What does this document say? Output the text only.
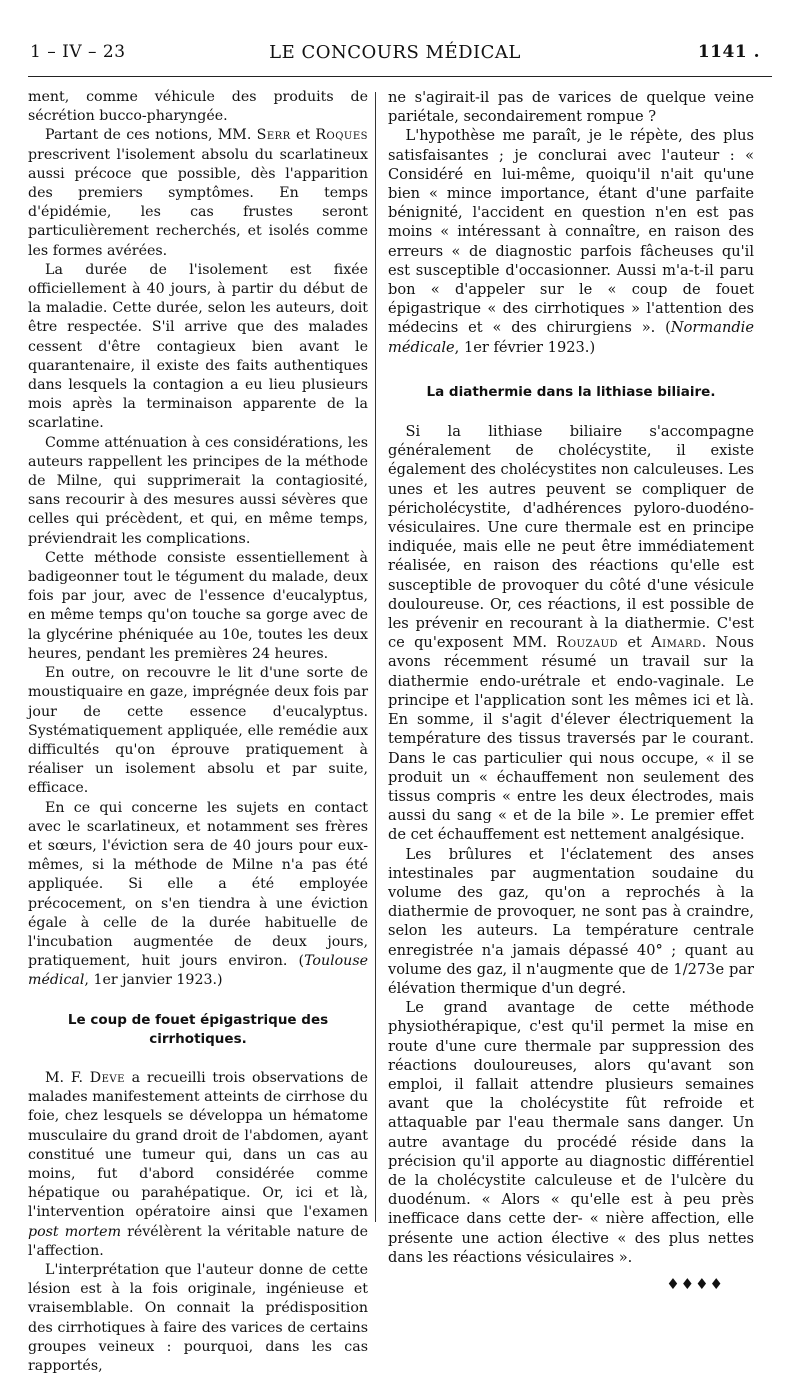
1 – IV – 23	LE CONCOURS MÉDICAL	1141 .

ment, comme véhicule des produits de sécrétion bucco-pharyngée.

Partant de ces notions, MM. Serr et Roques prescrivent l'isolement absolu du scarlatineux aussi précoce que possible, dès l'apparition des premiers symptômes. En temps d'épidémie, les cas frustes seront particulièrement recherchés, et isolés comme les formes avérées.

La durée de l'isolement est fixée officiellement à 40 jours, à partir du début de la maladie. Cette durée, selon les auteurs, doit être respectée. S'il arrive que des malades cessent d'être contagieux bien avant le quarantenaire, il existe des faits authentiques dans lesquels la contagion a eu lieu plusieurs mois après la terminaison apparente de la scarlatine.

Comme atténuation à ces considérations, les auteurs rappellent les principes de la méthode de Milne, qui supprimerait la contagiosité, sans recourir à des mesures aussi sévères que celles qui précèdent, et qui, en même temps, préviendrait les complications.

Cette méthode consiste essentiellement à badigeonner tout le tégument du malade, deux fois par jour, avec de l'essence d'eucalyptus, en même temps qu'on touche sa gorge avec de la glycérine phéniquée au 10e, toutes les deux heures, pendant les premières 24 heures.

En outre, on recouvre le lit d'une sorte de moustiquaire en gaze, imprégnée deux fois par jour de cette essence d'eucalyptus. Systématiquement appliquée, elle remédie aux difficultés qu'on éprouve pratiquement à réaliser un isolement absolu et par suite, efficace.

En ce qui concerne les sujets en contact avec le scarlatineux, et notamment ses frères et sœurs, l'éviction sera de 40 jours pour eux-mêmes, si la méthode de Milne n'a pas été appliquée. Si elle a été employée précocement, on s'en tiendra à une éviction égale à celle de la durée habituelle de l'incubation augmentée de deux jours, pratiquement, huit jours environ. (Toulouse médical, 1er janvier 1923.)

Le coup de fouet épigastrique des cirrhotiques.

M. F. Deve a recueilli trois observations de malades manifestement atteints de cirrhose du foie, chez lesquels se développa un hématome musculaire du grand droit de l'abdomen, ayant constitué une tumeur qui, dans un cas au moins, fut d'abord considérée comme hépatique ou parahépatique. Or, ici et là, l'intervention opératoire ainsi que l'examen post mortem révélèrent la véritable nature de l'affection.

L'interprétation que l'auteur donne de cette lésion est à la fois originale, ingénieuse et vraisemblable. On connait la prédisposition des cirrhotiques à faire des varices de certains groupes veineux : pourquoi, dans les cas rapportés,

ne s'agirait-il pas de varices de quelque veine pariétale, secondairement rompue ?

L'hypothèse me paraît, je le répète, des plus satisfaisantes ; je conclurai avec l'auteur : « Considéré en lui-même, quoiqu'il n'ait qu'une bien « mince importance, étant d'une parfaite bénignité, l'accident en question n'en est pas moins « intéressant à connaître, en raison des erreurs « de diagnostic parfois fâcheuses qu'il est susceptible d'occasionner. Aussi m'a-t-il paru bon « d'appeler sur le « coup de fouet épigastrique « des cirrhotiques » l'attention des médecins et « des chirurgiens ». (Normandie médicale, 1er février 1923.)

La diathermie dans la lithiase biliaire.

Si la lithiase biliaire s'accompagne généralement de cholécystite, il existe également des cholécystites non calculeuses. Les unes et les autres peuvent se compliquer de péricholécystite, d'adhérences pyloro-duodéno-vésiculaires. Une cure thermale est en principe indiquée, mais elle ne peut être immédiatement réalisée, en raison des réactions qu'elle est susceptible de provoquer du côté d'une vésicule douloureuse. Or, ces réactions, il est possible de les prévenir en recourant à la diathermie. C'est ce qu'exposent MM. Rouzaud et Aimard. Nous avons récemment résumé un travail sur la diathermie endo-urétrale et endo-vaginale. Le principe et l'application sont les mêmes ici et là. En somme, il s'agit d'élever électriquement la température des tissus traversés par le courant. Dans le cas particulier qui nous occupe, « il se produit un « échauffement non seulement des tissus compris « entre les deux électrodes, mais aussi du sang « et de la bile ». Le premier effet de cet échauffement est nettement analgésique.

Les brûlures et l'éclatement des anses intestinales par augmentation soudaine du volume des gaz, qu'on a reprochés à la diathermie de provoquer, ne sont pas à craindre, selon les auteurs. La température centrale enregistrée n'a jamais dépassé 40° ; quant au volume des gaz, il n'augmente que de 1/273e par élévation thermique d'un degré.

Le grand avantage de cette méthode physiothérapique, c'est qu'il permet la mise en route d'une cure thermale par suppression des réactions douloureuses, alors qu'avant son emploi, il fallait attendre plusieurs semaines avant que la cholécystite fût refroide et attaquable par l'eau thermale sans danger. Un autre avantage du procédé réside dans la précision qu'il apporte au diagnostic différentiel de la cholécystite calculeuse et de l'ulcère du duodénum. « Alors « qu'elle est à peu près inefficace dans cette der- « nière affection, elle présente une action élective « des plus nettes dans les réactions vésiculaires ».

♦♦♦♦
